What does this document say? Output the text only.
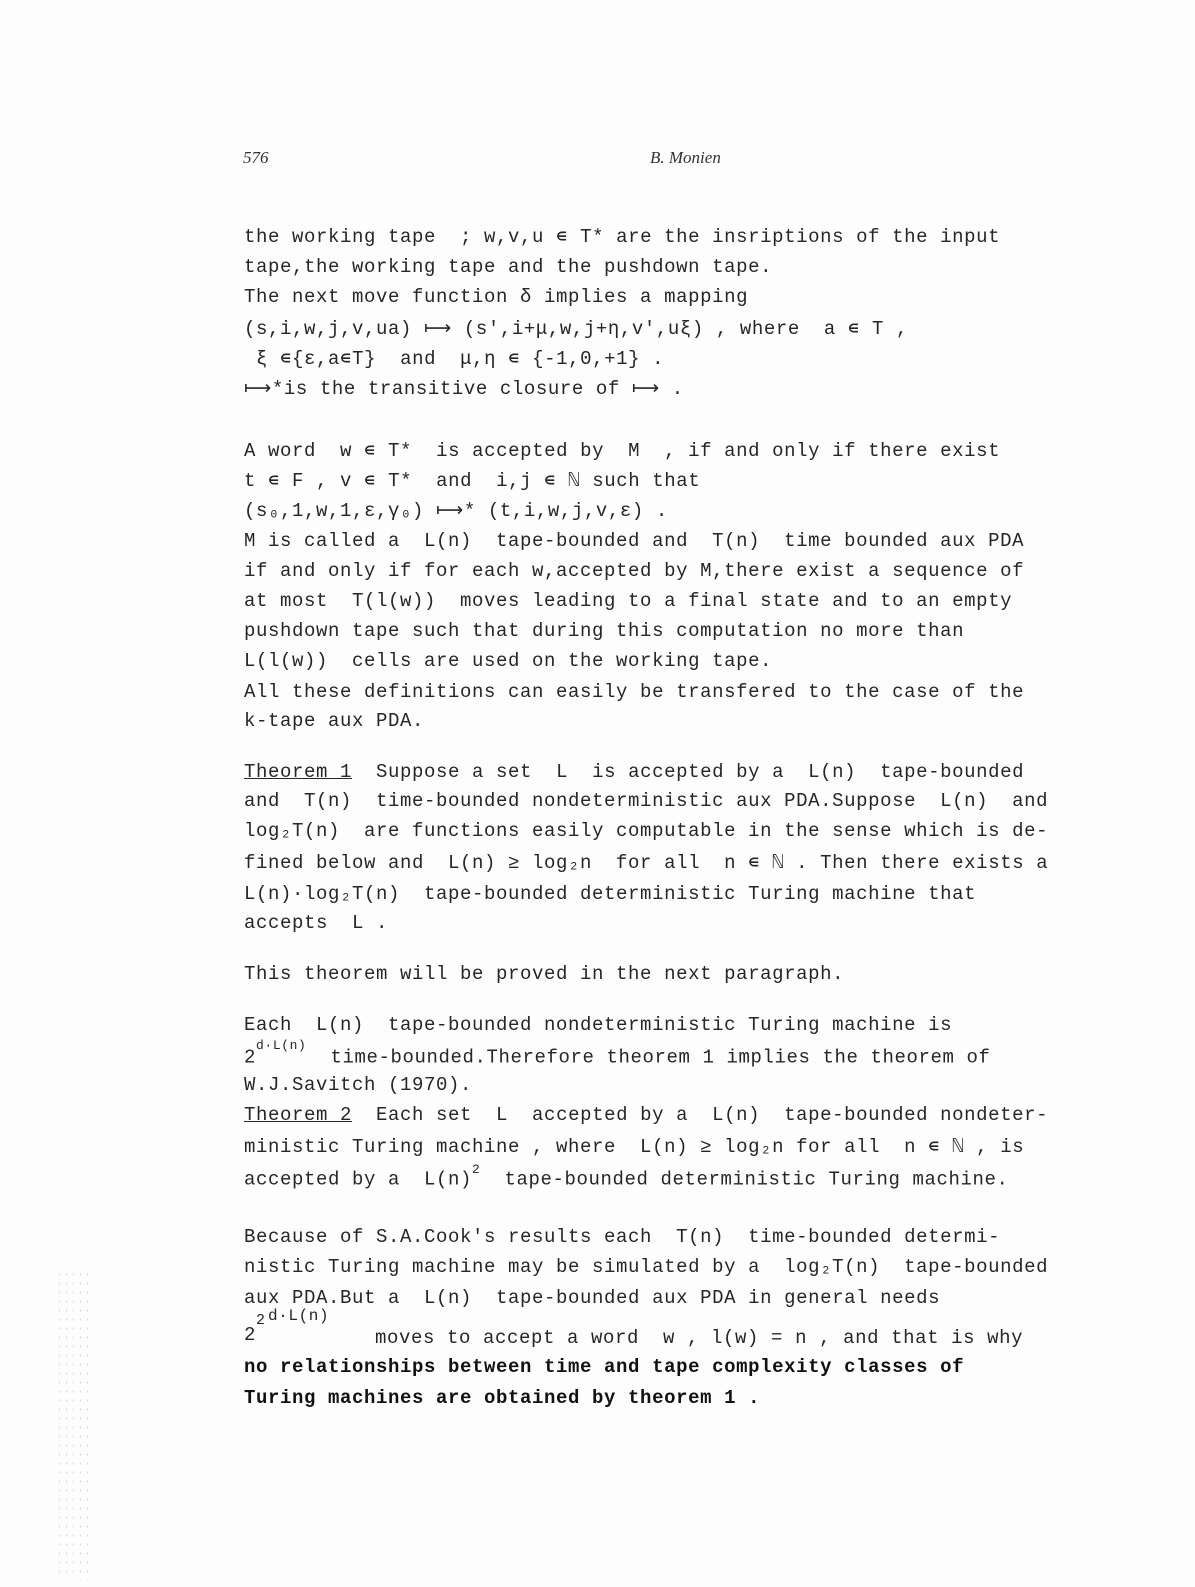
576	B. Monien
the working tape  ; w,v,u ∊ T* are the insriptions of the input
tape,the working tape and the pushdown tape.
The next move function δ implies a mapping
(s,i,w,j,v,ua) ⟼ (s',i+μ,w,j+η,v',uξ) , where  a ∊ T ,
ξ ∊{ε,a∊T}  and  μ,η ∊ {-1,0,+1} .
⟼*is the transitive closure of ⟼ .
A word  w ∊ T*  is accepted by  M  , if and only if there exist
t ∊ F , v ∊ T*  and  i,j ∊ ℕ such that
(s₀,1,w,1,ε,γ₀) ⟼* (t,i,w,j,v,ε) .
M is called a  L(n)  tape-bounded and  T(n)  time bounded aux PDA
if and only if for each w,accepted by M,there exist a sequence of
at most  T(l(w))  moves leading to a final state and to an empty
pushdown tape such that during this computation no more than
L(l(w))  cells are used on the working tape.
All these definitions can easily be transfered to the case of the
k-tape aux PDA.
Theorem 1  Suppose a set  L  is accepted by a  L(n)  tape-bounded
and  T(n)  time-bounded nondeterministic aux PDA.Suppose  L(n)  and
log₂T(n)  are functions easily computable in the sense which is de-
fined below and  L(n) ≥ log₂n  for all  n ∊ ℕ . Then there exists a
L(n)·log₂T(n)  tape-bounded deterministic Turing machine that
accepts  L .
This theorem will be proved in the next paragraph.
Each  L(n)  tape-bounded nondeterministic Turing machine is
$2^{d\cdot L(n)}$  time-bounded.Therefore theorem 1 implies the theorem of
W.J.Savitch (1970).
Theorem 2  Each set  L  accepted by a  L(n)  tape-bounded nondeter-
ministic Turing machine , where  L(n) ≥ log₂n for all  n ∊ ℕ , is
accepted by a  $L(n)^2$  tape-bounded deterministic Turing machine.
Because of S.A.Cook's results each  T(n)  time-bounded determi-
nistic Turing machine may be simulated by a  log₂T(n)  tape-bounded
aux PDA.But a  L(n)  tape-bounded aux PDA in general needs
d·L(n)
2
2
moves to accept a word  w , l(w) = n , and that is why
no relationships between time and tape complexity classes of
Turing machines are obtained by theorem 1 .
